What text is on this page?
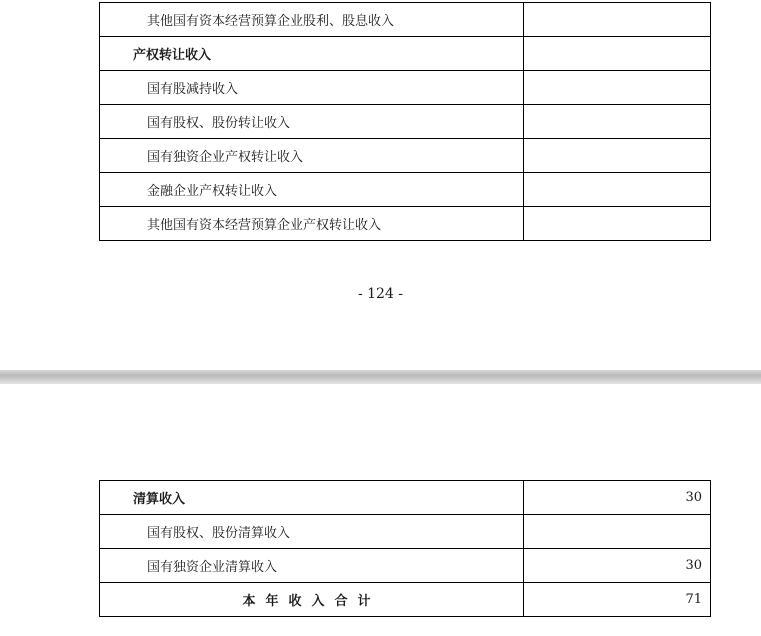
其他国有资本经营预算企业股利、股息收入	
产权转让收入	
国有股减持收入	
国有股权、股份转让收入	
国有独资企业产权转让收入	
金融企业产权转让收入	
其他国有资本经营预算企业产权转让收入	
- 124 -
清算收入	30
国有股权、股份清算收入	
国有独资企业清算收入	30
本年收入合计	71
